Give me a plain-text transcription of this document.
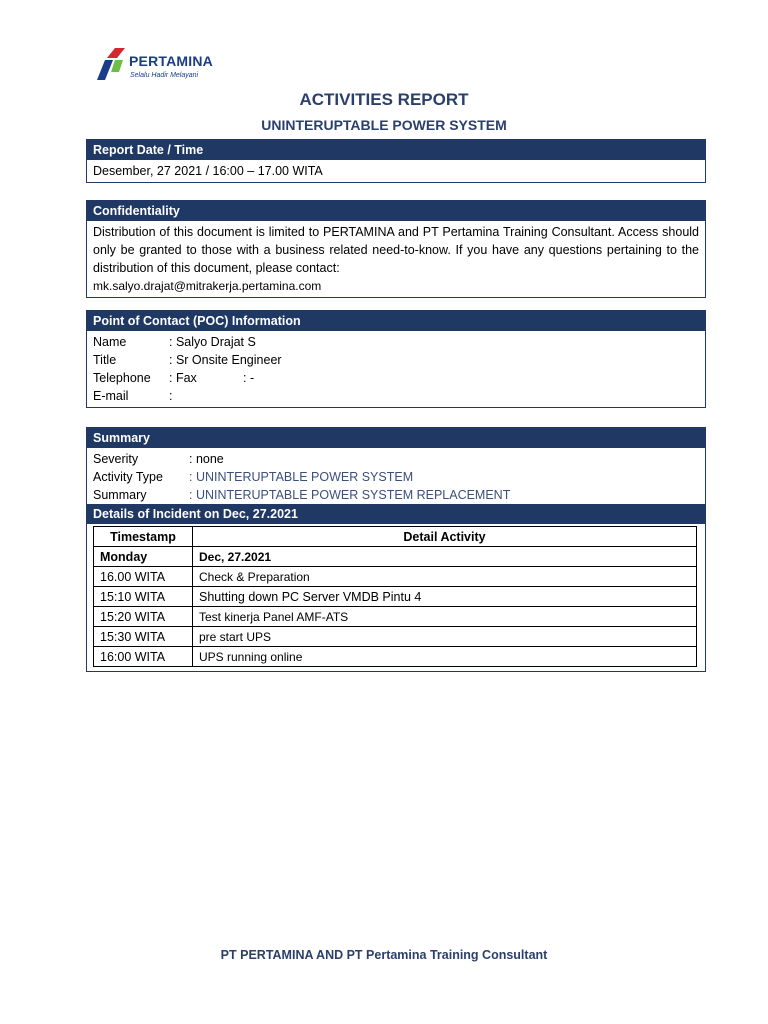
PERTAMINA
Selalu Hadir Melayani
ACTIVITIES REPORT
UNINTERUPTABLE POWER SYSTEM
Report Date / Time
Desember, 27 2021 / 16:00 – 17.00 WITA
Confidentiality
Distribution of this document is limited to PERTAMINA and PT Pertamina Training Consultant. Access should only be granted to those with a business related need-to-know. If you have any questions pertaining to the distribution of this document, please contact:
mk.salyo.drajat@mitrakerja.pertamina.com
Point of Contact (POC) Information
Name	: Salyo Drajat S
Title	: Sr Onsite Engineer
Telephone	: Fax	: -
E-mail	:
Summary
Severity	: none
Activity Type	: UNINTERUPTABLE POWER SYSTEM
Summary	: UNINTERUPTABLE POWER SYSTEM REPLACEMENT
Details of Incident on Dec, 27.2021
Timestamp	Detail Activity
Monday	Dec, 27.2021
16.00 WITA	Check & Preparation
15:10 WITA	Shutting down PC Server VMDB Pintu 4
15:20 WITA	Test kinerja Panel AMF-ATS
15:30 WITA	pre start UPS
16:00 WITA	UPS running online
PT PERTAMINA AND PT Pertamina Training Consultant
